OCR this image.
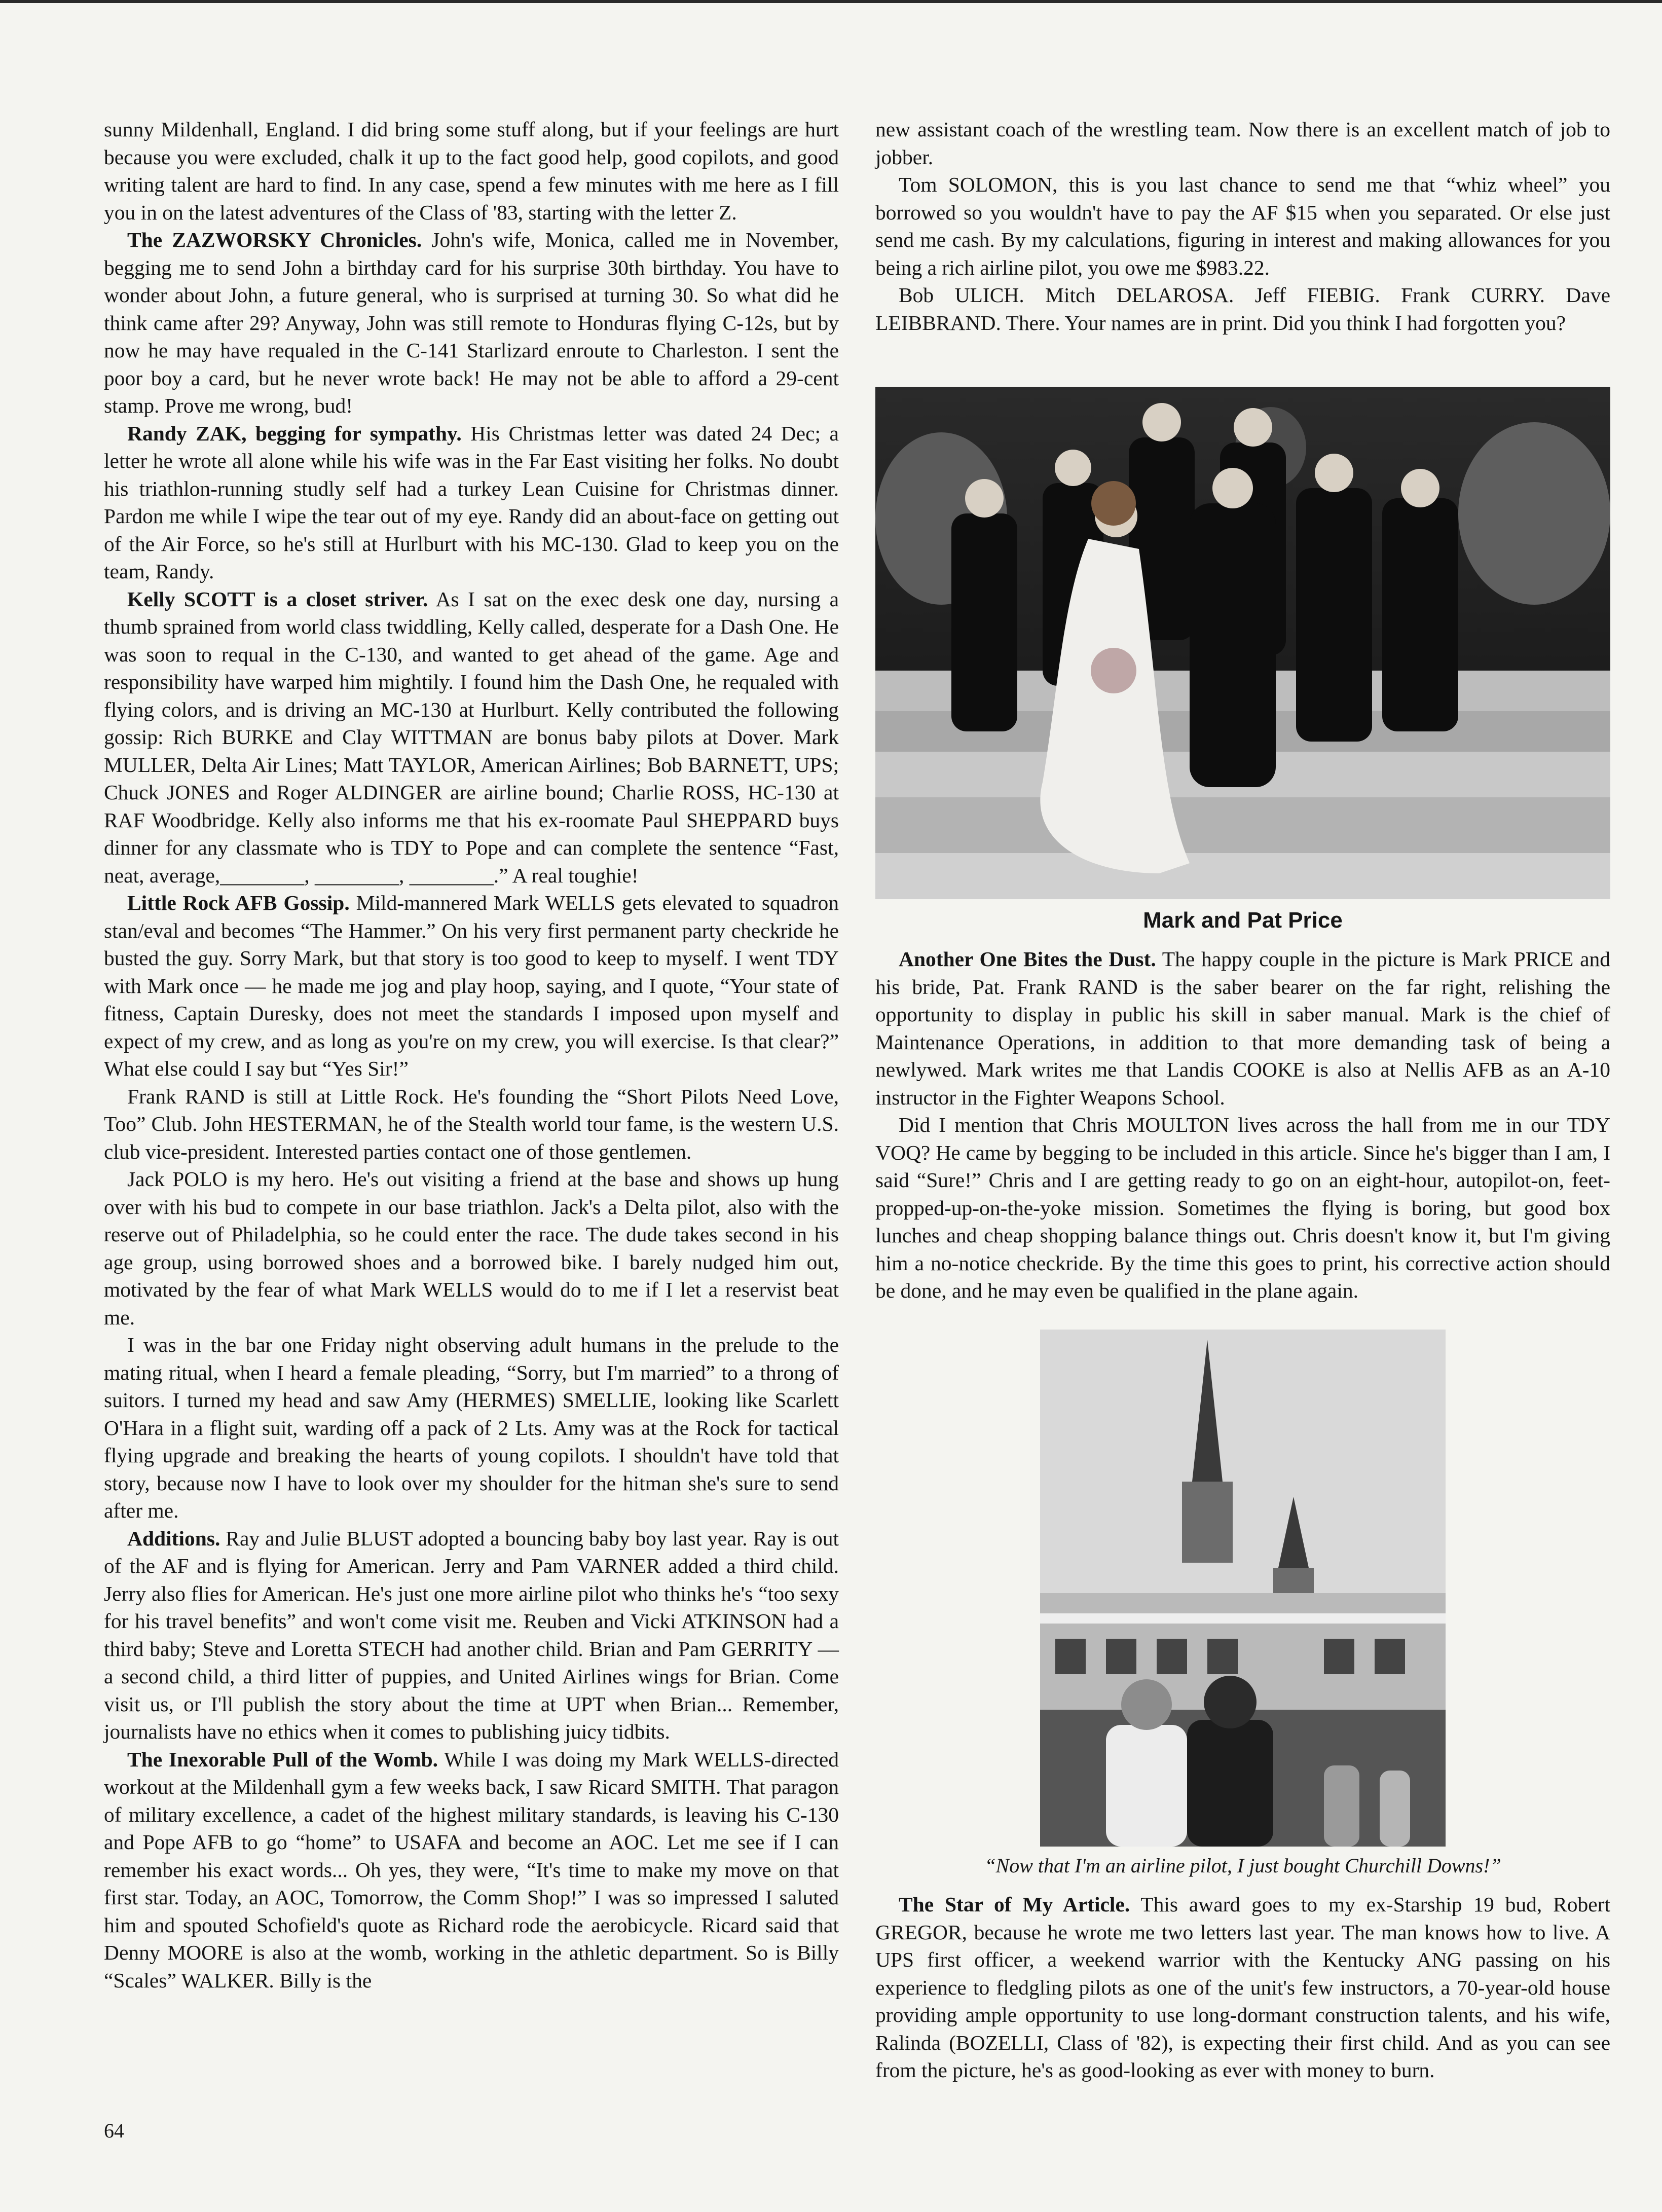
sunny Mildenhall, England. I did bring some stuff along, but if your feelings are hurt because you were excluded, chalk it up to the fact good help, good copilots, and good writing talent are hard to find. In any case, spend a few minutes with me here as I fill you in on the latest adventures of the Class of '83, starting with the letter Z.

The ZAZWORSKY Chronicles. John's wife, Monica, called me in November, begging me to send John a birthday card for his surprise 30th birthday. You have to wonder about John, a future general, who is surprised at turning 30. So what did he think came after 29? Anyway, John was still remote to Honduras flying C-12s, but by now he may have requaled in the C-141 Starlizard enroute to Charleston. I sent the poor boy a card, but he never wrote back! He may not be able to afford a 29-cent stamp. Prove me wrong, bud!

Randy ZAK, begging for sympathy. His Christmas letter was dated 24 Dec; a letter he wrote all alone while his wife was in the Far East visiting her folks. No doubt his triathlon-running studly self had a turkey Lean Cuisine for Christmas dinner. Pardon me while I wipe the tear out of my eye. Randy did an about-face on getting out of the Air Force, so he's still at Hurlburt with his MC-130. Glad to keep you on the team, Randy.

Kelly SCOTT is a closet striver. As I sat on the exec desk one day, nursing a thumb sprained from world class twiddling, Kelly called, desperate for a Dash One. He was soon to requal in the C-130, and wanted to get ahead of the game. Age and responsibility have warped him mightily. I found him the Dash One, he requaled with flying colors, and is driving an MC-130 at Hurlburt. Kelly contributed the following gossip: Rich BURKE and Clay WITTMAN are bonus baby pilots at Dover. Mark MULLER, Delta Air Lines; Matt TAYLOR, American Airlines; Bob BARNETT, UPS; Chuck JONES and Roger ALDINGER are airline bound; Charlie ROSS, HC-130 at RAF Woodbridge. Kelly also informs me that his ex-roomate Paul SHEPPARD buys dinner for any classmate who is TDY to Pope and can complete the sentence “Fast, neat, average,________, ________, ________.” A real toughie!

Little Rock AFB Gossip. Mild-mannered Mark WELLS gets elevated to squadron stan/eval and becomes “The Hammer.” On his very first permanent party checkride he busted the guy. Sorry Mark, but that story is too good to keep to myself. I went TDY with Mark once — he made me jog and play hoop, saying, and I quote, “Your state of fitness, Captain Duresky, does not meet the standards I imposed upon myself and expect of my crew, and as long as you're on my crew, you will exercise. Is that clear?” What else could I say but “Yes Sir!”

Frank RAND is still at Little Rock. He's founding the “Short Pilots Need Love, Too” Club. John HESTERMAN, he of the Stealth world tour fame, is the western U.S. club vice-president. Interested parties contact one of those gentlemen.

Jack POLO is my hero. He's out visiting a friend at the base and shows up hung over with his bud to compete in our base triathlon. Jack's a Delta pilot, also with the reserve out of Philadelphia, so he could enter the race. The dude takes second in his age group, using borrowed shoes and a borrowed bike. I barely nudged him out, motivated by the fear of what Mark WELLS would do to me if I let a reservist beat me.

I was in the bar one Friday night observing adult humans in the prelude to the mating ritual, when I heard a female pleading, “Sorry, but I'm married” to a throng of suitors. I turned my head and saw Amy (HERMES) SMELLIE, looking like Scarlett O'Hara in a flight suit, warding off a pack of 2 Lts. Amy was at the Rock for tactical flying upgrade and breaking the hearts of young copilots. I shouldn't have told that story, because now I have to look over my shoulder for the hitman she's sure to send after me.

Additions. Ray and Julie BLUST adopted a bouncing baby boy last year. Ray is out of the AF and is flying for American. Jerry and Pam VARNER added a third child. Jerry also flies for American. He's just one more airline pilot who thinks he's “too sexy for his travel benefits” and won't come visit me. Reuben and Vicki ATKINSON had a third baby; Steve and Loretta STECH had another child. Brian and Pam GERRITY — a second child, a third litter of puppies, and United Airlines wings for Brian. Come visit us, or I'll publish the story about the time at UPT when Brian... Remember, journalists have no ethics when it comes to publishing juicy tidbits.

The Inexorable Pull of the Womb. While I was doing my Mark WELLS-directed workout at the Mildenhall gym a few weeks back, I saw Ricard SMITH. That paragon of military excellence, a cadet of the highest military standards, is leaving his C-130 and Pope AFB to go “home” to USAFA and become an AOC. Let me see if I can remember his exact words... Oh yes, they were, “It's time to make my move on that first star. Today, an AOC, Tomorrow, the Comm Shop!” I was so impressed I saluted him and spouted Schofield's quote as Richard rode the aerobicycle. Ricard said that Denny MOORE is also at the womb, working in the athletic department. So is Billy “Scales” WALKER. Billy is the

new assistant coach of the wrestling team. Now there is an excellent match of job to jobber.

Tom SOLOMON, this is you last chance to send me that “whiz wheel” you borrowed so you wouldn't have to pay the AF $15 when you separated. Or else just send me cash. By my calculations, figuring in interest and making allowances for you being a rich airline pilot, you owe me $983.22.

Bob ULICH. Mitch DELAROSA. Jeff FIEBIG. Frank CURRY. Dave LEIBBRAND. There. Your names are in print. Did you think I had forgotten you?

Mark and Pat Price

Another One Bites the Dust. The happy couple in the picture is Mark PRICE and his bride, Pat. Frank RAND is the saber bearer on the far right, relishing the opportunity to display in public his skill in saber manual. Mark is the chief of Maintenance Operations, in addition to that more demanding task of being a newlywed. Mark writes me that Landis COOKE is also at Nellis AFB as an A-10 instructor in the Fighter Weapons School.

Did I mention that Chris MOULTON lives across the hall from me in our TDY VOQ? He came by begging to be included in this article. Since he's bigger than I am, I said “Sure!” Chris and I are getting ready to go on an eight-hour, autopilot-on, feet-propped-up-on-the-yoke mission. Sometimes the flying is boring, but good box lunches and cheap shopping balance things out. Chris doesn't know it, but I'm giving him a no-notice checkride. By the time this goes to print, his corrective action should be done, and he may even be qualified in the plane again.

“Now that I'm an airline pilot, I just bought Churchill Downs!”

The Star of My Article. This award goes to my ex-Starship 19 bud, Robert GREGOR, because he wrote me two letters last year. The man knows how to live. A UPS first officer, a weekend warrior with the Kentucky ANG passing on his experience to fledgling pilots as one of the unit's few instructors, a 70-year-old house providing ample opportunity to use long-dormant construction talents, and his wife, Ralinda (BOZELLI, Class of '82), is expecting their first child. And as you can see from the picture, he's as good-looking as ever with money to burn.

64
